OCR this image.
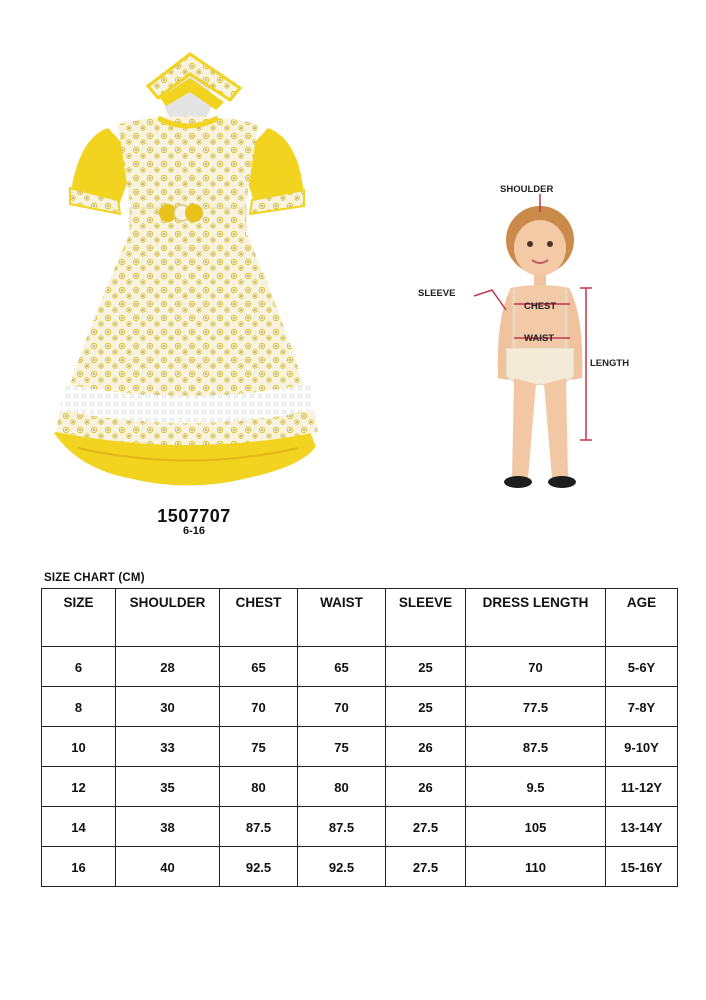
1507707
6-16
SHOULDER
SLEEVE
CHEST
WAIST
LENGTH
SIZE CHART (CM)
SIZE	SHOULDER	CHEST	WAIST	SLEEVE	DRESS LENGTH	AGE
6	28	65	65	25	70	5-6Y
8	30	70	70	25	77.5	7-8Y
10	33	75	75	26	87.5	9-10Y
12	35	80	80	26	9.5	11-12Y
14	38	87.5	87.5	27.5	105	13-14Y
16	40	92.5	92.5	27.5	110	15-16Y
